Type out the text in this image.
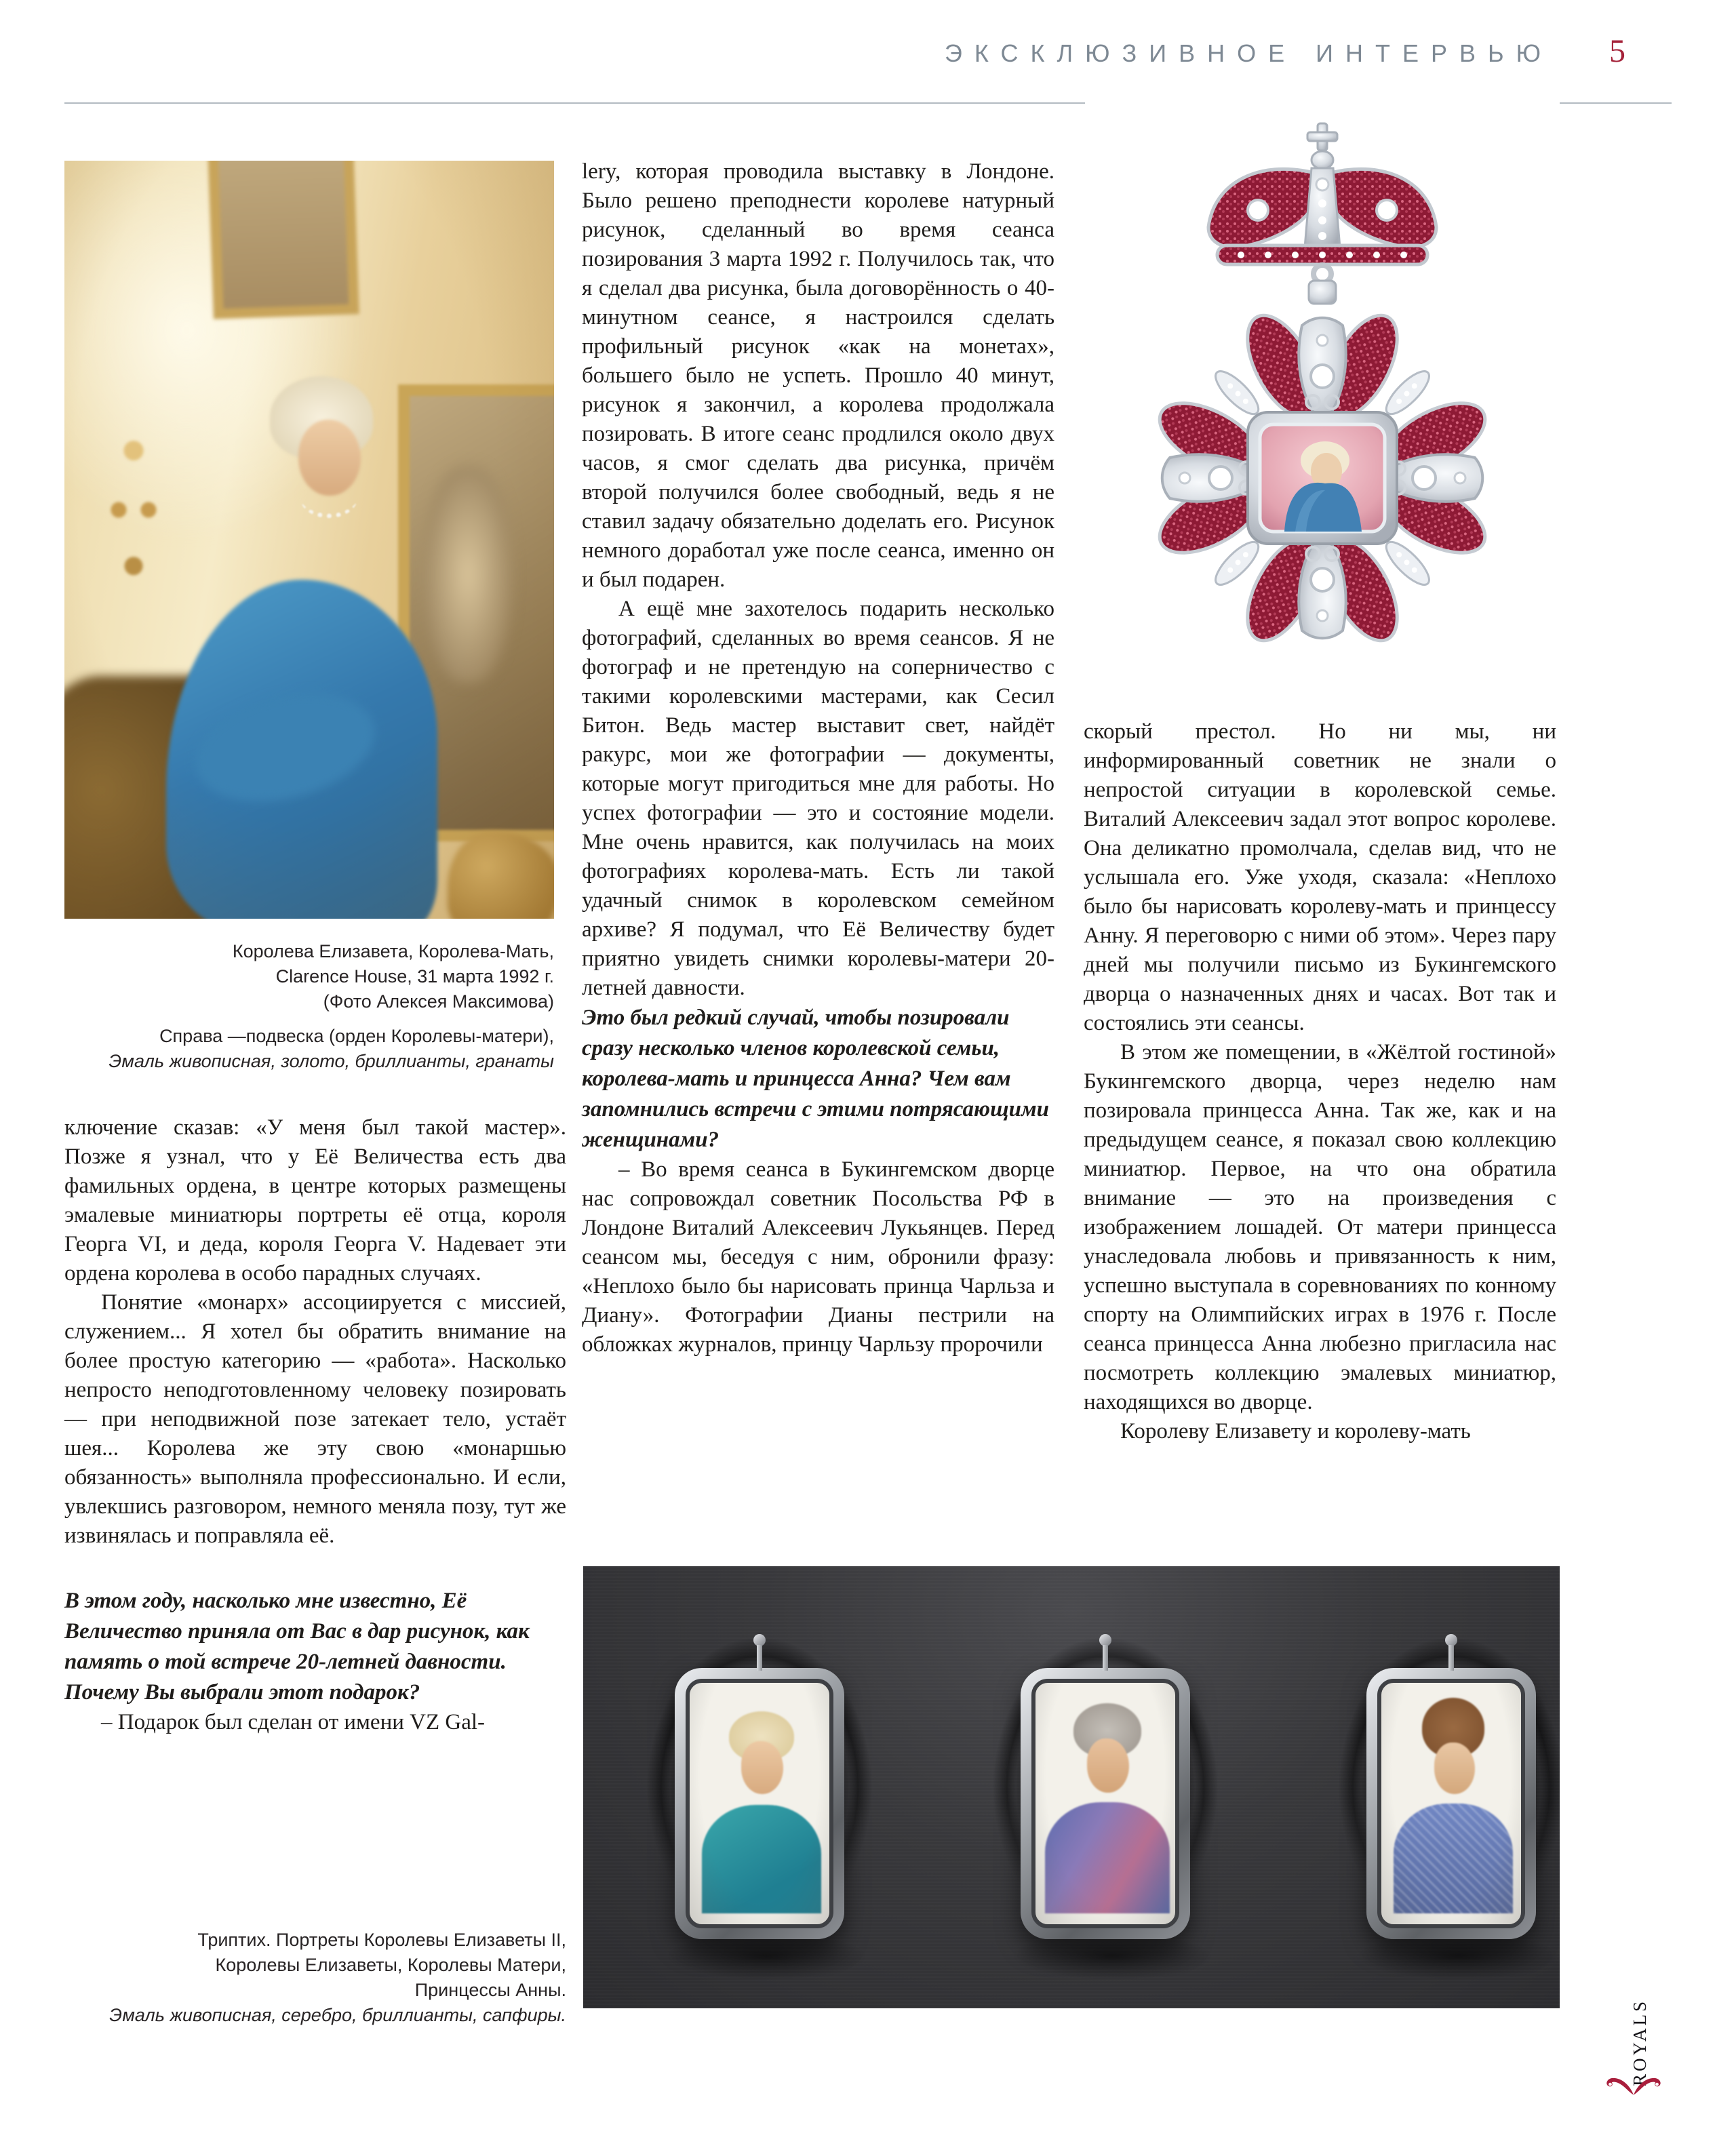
ЭКСКЛЮЗИВНОЕ ИНТЕРВЬЮ	5
Королева Елизавета, Королева-Мать,
Clarence House, 31 марта 1992 г.
(Фото Алексея Максимова)
Справа —подвеска (орден Королевы-матери),
Эмаль живописная, золото, бриллианты, гранаты

ключение сказав: «У меня был такой мастер». Позже я узнал, что у Её Величества есть два фамильных ордена, в центре которых размещены эмалевые миниатюры портреты её отца, короля Георга VI, и деда, короля Георга V. Надевает эти ордена королева в особо парадных случаях.

Понятие «монарх» ассоциируется с миссией, служением... Я хотел бы обратить внимание на более простую категорию — «работа». Насколько непросто неподготовленному человеку позировать — при неподвижной позе затекает тело, устаёт шея... Королева же эту свою «монаршью обязанность» выполняла профессионально. И если, увлекшись разговором, немного меняла позу, тут же извинялась и поправляла её.

В этом году, насколько мне известно, Её Величество приняла от Вас в дар рисунок, как память о той встрече 20-летней давности.

Почему Вы выбрали этот подарок?

– Подарок был сделан от имени VZ Gal-

Триптих. Портреты Королевы Елизаветы II,
Королевы Елизаветы, Королевы Матери,
Принцессы Анны.
Эмаль живописная, серебро, бриллианты, сапфиры.

lery, которая проводила выставку в Лондоне. Было решено преподнести королеве натурный рисунок, сделанный во время сеанса позирования 3 марта 1992 г. Получилось так, что я сделал два рисунка, была договорённость о 40-минутном сеансе, я настроился сделать профильный рисунок «как на монетах», большего было не успеть. Прошло 40 минут, рисунок я закончил, а королева продолжала позировать. В итоге сеанс продлился около двух часов, я смог сделать два рисунка, причём второй получился более свободный, ведь я не ставил задачу обязательно доделать его. Рисунок немного доработал уже после сеанса, именно он и был подарен.

А ещё мне захотелось подарить несколько фотографий, сделанных во время сеансов. Я не фотограф и не претендую на соперничество с такими королевскими мастерами, как Сесил Битон. Ведь мастер выставит свет, найдёт ракурс, мои же фотографии — документы, которые могут пригодиться мне для работы. Но успех фотографии — это и состояние модели. Мне очень нравится, как получилась на моих фотографиях королева-мать. Есть ли такой удачный снимок в королевском семейном архиве? Я подумал, что Её Величеству будет приятно увидеть снимки королевы-матери 20-летней давности.

Это был редкий случай, чтобы позировали сразу несколько членов королевской семьи, королева-мать и принцесса Анна? Чем вам запомнились встречи с этими потрясающими женщинами?

– Во время сеанса в Букингемском дворце нас сопровождал советник Посольства РФ в Лондоне Виталий Алексеевич Лукьянцев. Перед сеансом мы, беседуя с ним, обронили фразу: «Неплохо было бы нарисовать принца Чарльза и Диану». Фотографии Дианы пестрили на обложках журналов, принцу Чарльзу пророчили

скорый престол. Но ни мы, ни информированный советник не знали о непростой ситуации в королевской семье. Виталий Алексеевич задал этот вопрос королеве. Она деликатно промолчала, сделав вид, что не услышала его. Уже уходя, сказала: «Неплохо было бы нарисовать королеву-мать и принцессу Анну. Я переговорю с ними об этом». Через пару дней мы получили письмо из Букингемского дворца о назначенных днях и часах. Вот так и состоялись эти сеансы.

В этом же помещении, в «Жёлтой гостиной» Букингемского дворца, через неделю нам позировала принцесса Анна. Так же, как и на предыдущем сеансе, я показал свою коллекцию миниатюр. Первое, на что она обратила внимание — это на произведения с изображением лошадей. От матери принцесса унаследовала любовь и привязанность к ним, успешно выступала в соревнованиях по конному спорту на Олимпийских играх в 1976 г. После сеанса принцесса Анна любезно пригласила нас посмотреть коллекцию эмалевых миниатюр, находящихся во дворце.

Королеву Елизавету и королеву-мать

ROYALS
